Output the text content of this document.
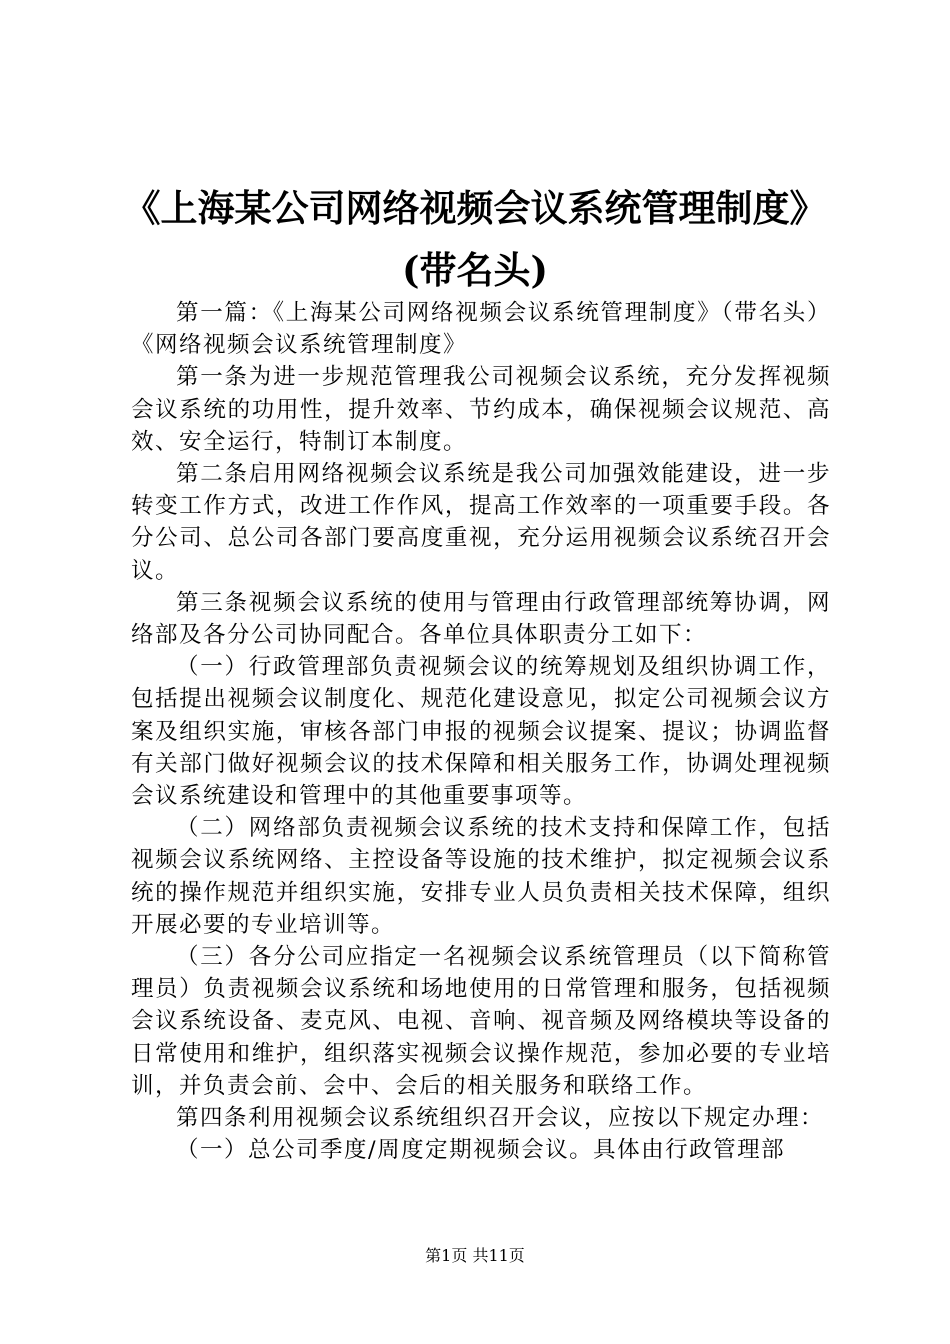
《上海某公司网络视频会议系统管理制度》
(带名头)

第一篇：《上海某公司网络视频会议系统管理制度》（带名头）《网络视频会议系统管理制度》

第一条为进一步规范管理我公司视频会议系统，充分发挥视频会议系统的功用性，提升效率、节约成本，确保视频会议规范、高效、安全运行，特制订本制度。

第二条启用网络视频会议系统是我公司加强效能建设，进一步转变工作方式，改进工作作风，提高工作效率的一项重要手段。各分公司、总公司各部门要高度重视，充分运用视频会议系统召开会议。

第三条视频会议系统的使用与管理由行政管理部统筹协调，网络部及各分公司协同配合。各单位具体职责分工如下：

（一）行政管理部负责视频会议的统筹规划及组织协调工作，包括提出视频会议制度化、规范化建设意见，拟定公司视频会议方案及组织实施，审核各部门申报的视频会议提案、提议；协调监督有关部门做好视频会议的技术保障和相关服务工作，协调处理视频会议系统建设和管理中的其他重要事项等。

（二）网络部负责视频会议系统的技术支持和保障工作，包括视频会议系统网络、主控设备等设施的技术维护，拟定视频会议系统的操作规范并组织实施，安排专业人员负责相关技术保障，组织开展必要的专业培训等。

（三）各分公司应指定一名视频会议系统管理员（以下简称管理员）负责视频会议系统和场地使用的日常管理和服务，包括视频会议系统设备、麦克风、电视、音响、视音频及网络模块等设备的日常使用和维护，组织落实视频会议操作规范，参加必要的专业培训，并负责会前、会中、会后的相关服务和联络工作。

第四条利用视频会议系统组织召开会议，应按以下规定办理：

（一）总公司季度/周度定期视频会议。具体由行政管理部

第1页 共11页
